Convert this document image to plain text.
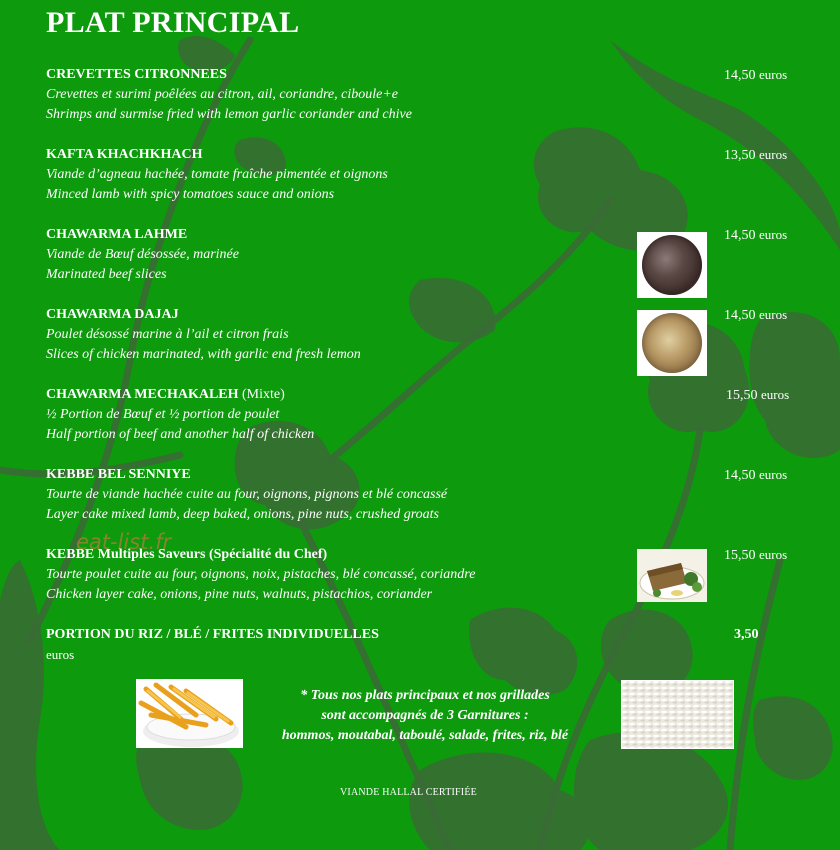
PLAT PRINCIPAL
CREVETTES CITRONNEES
Crevettes et surimi poêlées au citron, ail, coriandre, ciboule+e
Shrimps and surmise fried with lemon garlic coriander and chive
14,50 euros
KAFTA KHACHKHACH
Viande d’agneau hachée, tomate fraîche pimentée et oignons
Minced lamb with spicy tomatoes sauce and onions
13,50 euros
CHAWARMA LAHME
Viande de Bœuf désossée, marinée
Marinated beef slices
14,50 euros
CHAWARMA DAJAJ
Poulet désossé marine à l’ail et citron frais
Slices of chicken marinated, with garlic end fresh lemon
14,50 euros
CHAWARMA MECHAKALEH (Mixte)
½ Portion de Bœuf et ½ portion de poulet
Half portion of beef and another half of chicken
15,50 euros
KEBBE BEL SENNIYE
Tourte de viande hachée cuite au four, oignons, pignons et blé concassé
Layer cake mixed lamb, deep baked, onions, pine nuts, crushed groats
14,50 euros
eat-list.fr
KEBBE Multiples Saveurs (Spécialité du Chef)
Tourte poulet cuite au four, oignons, noix, pistaches, blé concassé, coriandre
Chicken layer cake, onions, pine nuts, walnuts, pistachios, coriander
15,50 euros
PORTION DU RIZ / BLÉ / FRITES INDIVIDUELLES	3,50
euros
* Tous nos plats principaux et nos grillades
sont accompagnés de 3 Garnitures :
hommos, moutabal, taboulé, salade, frites, riz, blé
VIANDE HALLAL CERTIFIÉE
